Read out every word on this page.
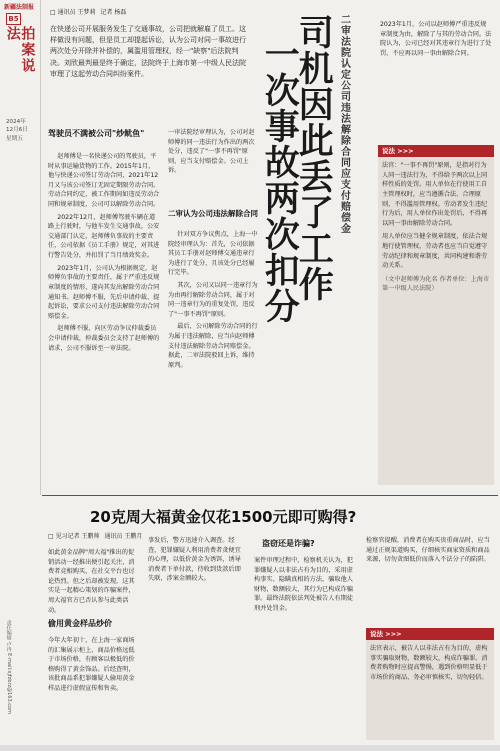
新疆法制报
B5
拍案说法
2024年
12月6日
星期五
□ 通讯员 王梦莉 记者 杨磊
在快递公司开展服务发生了交通事故，公司把就解雇了员工。这样做没有问题，但是员工却提起诉讼，认为公司对同一事故进行两次处分开除并补偿的，属滥用管理权，经一"缺察"后法院判决。刘欣最判最是终于确定，法院终于上海市第一中级人民法院审理了这起劳动合同纠纷案件。
驾驶员不满被公司"炒鱿鱼"

赵师傅是一名快递公司的驾驶员，平时从事运输货物的工作。2015年1月，他与快递公司签订劳动合同，2021年12月又与该公司签订无固定期限劳动合同。劳动合同约定，被工作期间如违反劳动合同和规章制度，公司可以解除劳动合同。

2022年12月，赵师傅驾驶车辆在道路上行驶时，与他车发生交通事故。公安交通部门认定，赵师傅负事故的主要责任，公司依据《员工手册》规定，对其进行警告处分，并扣罚了当月绩效奖金。

2023年1月，公司认为根据规定，赵师傅负事故的主要责任，属于严重违反规章制度的情形，遂向其发出解除劳动合同通知书。赵师傅不服，先后申请仲裁、提起诉讼，要求公司支付违法解除劳动合同赔偿金。

赵师傅不服，向区劳动争议仲裁委员会申请仲裁，仲裁委员会支持了赵师傅的请求，公司不服诉至一审法院。

一审法院经审理认为，公司对赵师傅的同一违法行为作出的两次处分，违反了"一事不再罚"原则，应当支付赔偿金。公司上诉。
二审认为公司违法解除合同

针对双方争议焦点，上海一中院经审理认为：首先，公司依据其员工手册对赵师傅交通违章行为进行了处分，且该处分已经履行完毕。

其次，公司又以同一违章行为为由再行解除劳动合同，属于对同一违章行为的重复处罚，违反了"一事不再罚"原则。

最后，公司解除劳动合同的行为属于违法解除，应当向赵师傅支付违法解除劳动合同赔偿金。据此，二审法院驳回上诉，维持原判。

二审法院认定公司违法解除合同应支付赔偿金
司机因此丢了工作
一次事故两次扣分
2023年1月，公司以赵师傅严重违反规章制度为由，解除了与其的劳动合同。法院认为，公司已经对其违章行为进行了处罚，不应再以同一事由解除合同。
说法 >>>
法官："一事不再罚"原则，是指对行为人同一违法行为，不得给予两次以上同样性质的处罚。用人单位在行使用工自主管理权时，应当遵循合法、合理原则，不得滥用管理权。劳动者发生违纪行为后，用人单位作出处罚后，不得再以同一事由解除劳动合同。
用人单位应当健全规章制度，依法合规地行使管理权，劳动者也应当自觉遵守劳动纪律和规章制度，共同构建和谐劳动关系。
（文中赵师傅为化名 作者单位：上海市第一中级人民法院）
20克周大福黄金仅花1500元即可购得?
□ 见习记者 王鹏帅 通讯员 王鹏月
如此黄金品牌"周大福"推出的促销活动一经推出便引起关注，消费者竞相购买，在社交平台也讨论热烈。但之后却被发现，这其实是一起精心策划的诈骗案件，周大福官方已否认参与此类活动。
偷用黄金样品炒价
今年大年初十，在上海一家商场的汇集展示柜上，商品价格远低于市场价格，有顾客以极低的价格购得了黄金饰品。后经查明，该批商品系犯罪嫌疑人偷用黄金样品进行虚假宣传和售卖。
事发后，警方迅速介入调查。经查，犯罪嫌疑人利用消费者贪便宜的心理，以低价黄金为诱饵，诱导消费者下单付款，待收到货款后即失联，涉案金额较大。
盗窃还是诈骗?
案件审理过程中，检察机关认为，犯罪嫌疑人以非法占有为目的，采用虚构事实、隐瞒真相的方法，骗取他人财物，数额较大，其行为已构成诈骗罪。最终法院依法判处被告人有期徒刑并处罚金。
检察官提醒，消费者在购买贵重商品时，应当通过正规渠道购买，仔细核实商家资质和商品来源，切勿贪图低价而落入不法分子的陷阱。
说法 >>>
法官表示，被告人以非法占有为目的，虚构事实骗取财物，数额较大，构成诈骗罪。消费者购物时应提高警惕，遇到价格明显低于市场价的商品，务必审慎核实，切勿轻信。
责任编辑 卢冉 E-mail:xjfzbrz@163.com
